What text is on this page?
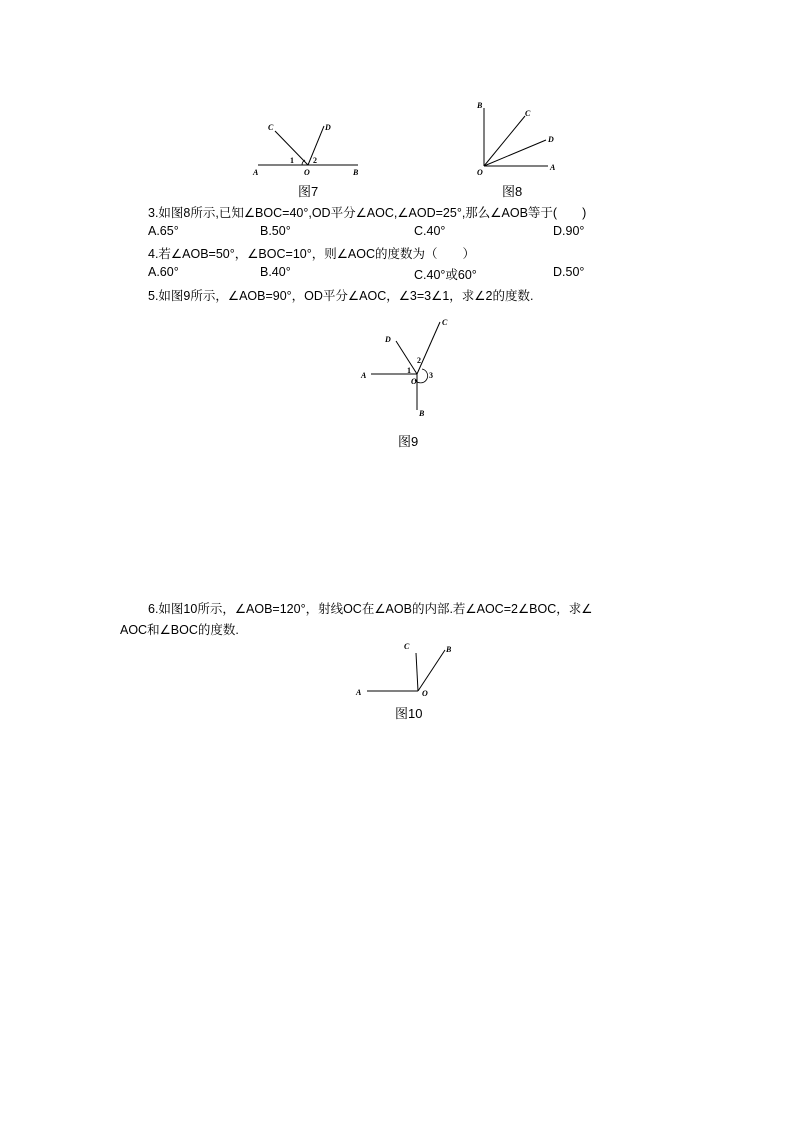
A	O	B
C	D
1 2
图7
B
C
D
O
A
图8
3.如图8所示,已知∠BOC=40°,OD平分∠AOC,∠AOD=25°,那么∠AOB等于(　　)
A.65°	B.50°	C.40°	D.90°
4.若∠AOB=50°，∠BOC=10°，则∠AOC的度数为（　　）
A.60°	B.40°	C.40°或60°	D.50°
5.如图9所示，∠AOB=90°，OD平分∠AOC，∠3=3∠1，求∠2的度数.
A
O
B
C
D
1
2
3
图9
6.如图10所示，∠AOB=120°，射线OC在∠AOB的内部.若∠AOC=2∠BOC，求∠
AOC和∠BOC的度数.
A	O
C	B
图10
